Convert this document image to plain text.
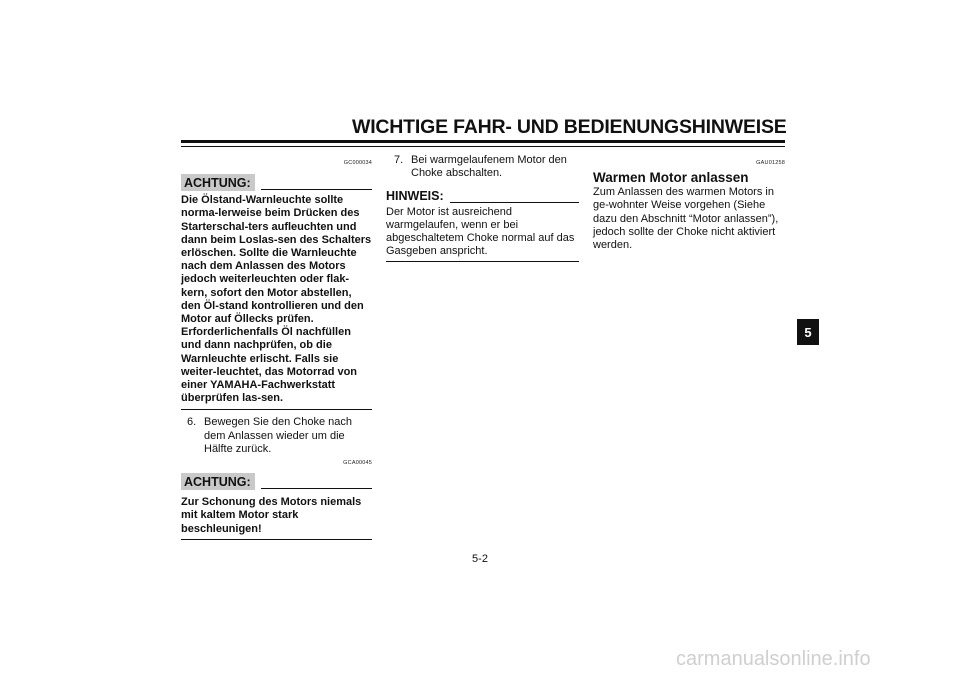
WICHTIGE FAHR- UND BEDIENUNGSHINWEISE
GC000034
ACHTUNG:
Die Ölstand-Warnleuchte sollte norma-lerweise beim Drücken des Starterschal-ters aufleuchten und dann beim Loslas-sen des Schalters erlöschen. Sollte die Warnleuchte nach dem Anlassen des Motors jedoch weiterleuchten oder flak-kern, sofort den Motor abstellen, den Öl-stand kontrollieren und den Motor auf Öllecks prüfen. Erforderlichenfalls Öl nachfüllen und dann nachprüfen, ob die Warnleuchte erlischt. Falls sie weiter-leuchtet, das Motorrad von einer YAMAHA-Fachwerkstatt überprüfen las-sen.
6. Bewegen Sie den Choke nach dem Anlassen wieder um die Hälfte zurück.
GCA00045
ACHTUNG:
Zur Schonung des Motors niemals mit kaltem Motor stark beschleunigen!
7. Bei warmgelaufenem Motor den Choke abschalten.
HINWEIS:
Der Motor ist ausreichend warmgelaufen, wenn er bei abgeschaltetem Choke normal auf das Gasgeben anspricht.
GAU01258
Warmen Motor anlassen
Zum Anlassen des warmen Motors in ge-wohnter Weise vorgehen (Siehe dazu den Abschnitt “Motor anlassen”), jedoch sollte der Choke nicht aktiviert werden.
5
5-2
carmanualsonline.info
